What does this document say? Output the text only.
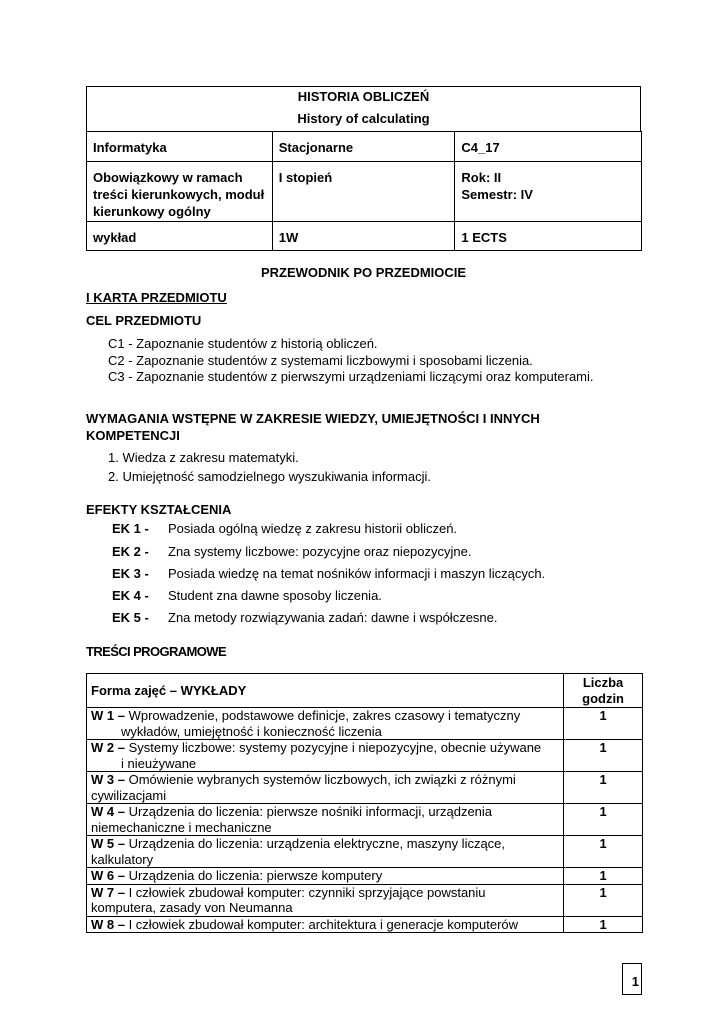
HISTORIA OBLICZEŃ
History of calculating
Informatyka	Stacjonarne	C4_17
Obowiązkowy w ramach treści kierunkowych, moduł kierunkowy ogólny	I stopień	Rok: II
Semestr: IV
wykład	1W	1 ECTS
PRZEWODNIK PO PRZEDMIOCIE
I KARTA PRZEDMIOTU
CEL PRZEDMIOTU
C1 - Zapoznanie studentów z historią obliczeń.
C2 - Zapoznanie studentów z systemami liczbowymi i sposobami liczenia.
C3 - Zapoznanie studentów z pierwszymi urządzeniami liczącymi oraz komputerami.
WYMAGANIA WSTĘPNE W ZAKRESIE WIEDZY, UMIEJĘTNOŚCI I INNYCH KOMPETENCJI
1. Wiedza z zakresu matematyki.
2. Umiejętność samodzielnego wyszukiwania informacji.
EFEKTY KSZTAŁCENIA
EK 1 - Posiada ogólną wiedzę z zakresu historii obliczeń.
EK 2 - Zna systemy liczbowe: pozycyjne oraz niepozycyjne.
EK 3 - Posiada wiedzę na temat nośników informacji i maszyn liczących.
EK 4 - Student zna dawne sposoby liczenia.
EK 5 - Zna metody rozwiązywania zadań: dawne i współczesne.
TREŚCI PROGRAMOWE
Forma zajęć – WYKŁADY	Liczba godzin
W 1 – Wprowadzenie, podstawowe definicje, zakres czasowy i tematyczny
wykładów, umiejętność i konieczność liczenia	1
W 2 – Systemy liczbowe: systemy pozycyjne i niepozycyjne, obecnie używane
i nieużywane	1
W 3 – Omówienie wybranych systemów liczbowych, ich związki z różnymi
cywilizacjami	1
W 4 – Urządzenia do liczenia: pierwsze nośniki informacji, urządzenia
niemechaniczne i mechaniczne	1
W 5 – Urządzenia do liczenia: urządzenia elektryczne, maszyny liczące,
kalkulatory	1
W 6 – Urządzenia do liczenia: pierwsze komputery	1
W 7 – I człowiek zbudował komputer: czynniki sprzyjające powstaniu
komputera, zasady von Neumanna	1
W 8 – I człowiek zbudował komputer: architektura i generacje komputerów	1
1
